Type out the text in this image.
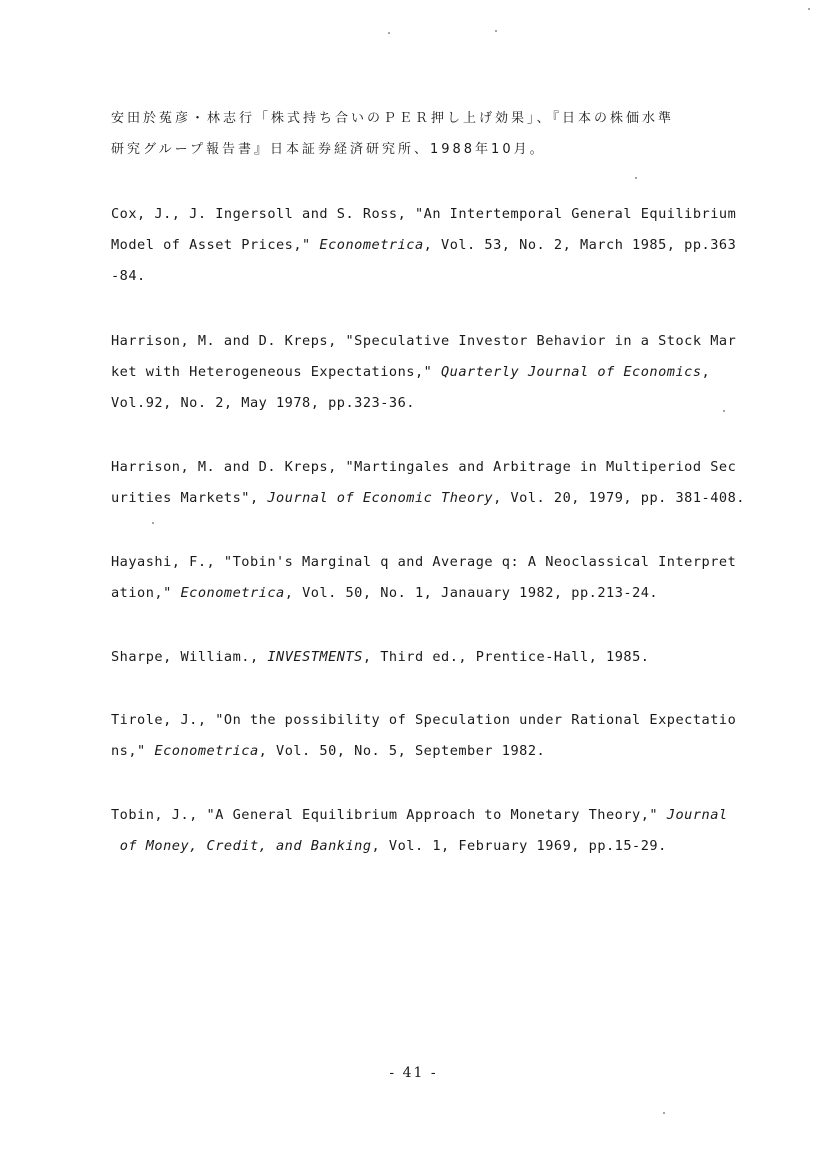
安田於菟彦・林志行「株式持ち合いのＰＥＲ押し上げ効果」、『日本の株価水準
研究グループ報告書』日本証券経済研究所、1988年10月。
Cox, J., J. Ingersoll and S. Ross, "An Intertemporal General Equilibrium
Model of Asset Prices," Econometrica, Vol. 53, No. 2, March 1985, pp.363
-84.
Harrison, M. and D. Kreps, "Speculative Investor Behavior in a Stock Mar
ket with Heterogeneous Expectations," Quarterly Journal of Economics,
Vol.92, No. 2, May 1978, pp.323-36.
Harrison, M. and D. Kreps, "Martingales and Arbitrage in Multiperiod Sec
urities Markets", Journal of Economic Theory, Vol. 20, 1979, pp. 381-408.
Hayashi, F., "Tobin's Marginal q and Average q: A Neoclassical Interpret
ation," Econometrica, Vol. 50, No. 1, Janauary 1982, pp.213-24.
Sharpe, William., INVESTMENTS, Third ed., Prentice-Hall, 1985.
Tirole, J., "On the possibility of Speculation under Rational Expectatio
ns," Econometrica, Vol. 50, No. 5, September 1982.
Tobin, J., "A General Equilibrium Approach to Monetary Theory," Journal
of Money, Credit, and Banking, Vol. 1, February 1969, pp.15-29.
- 41 -
